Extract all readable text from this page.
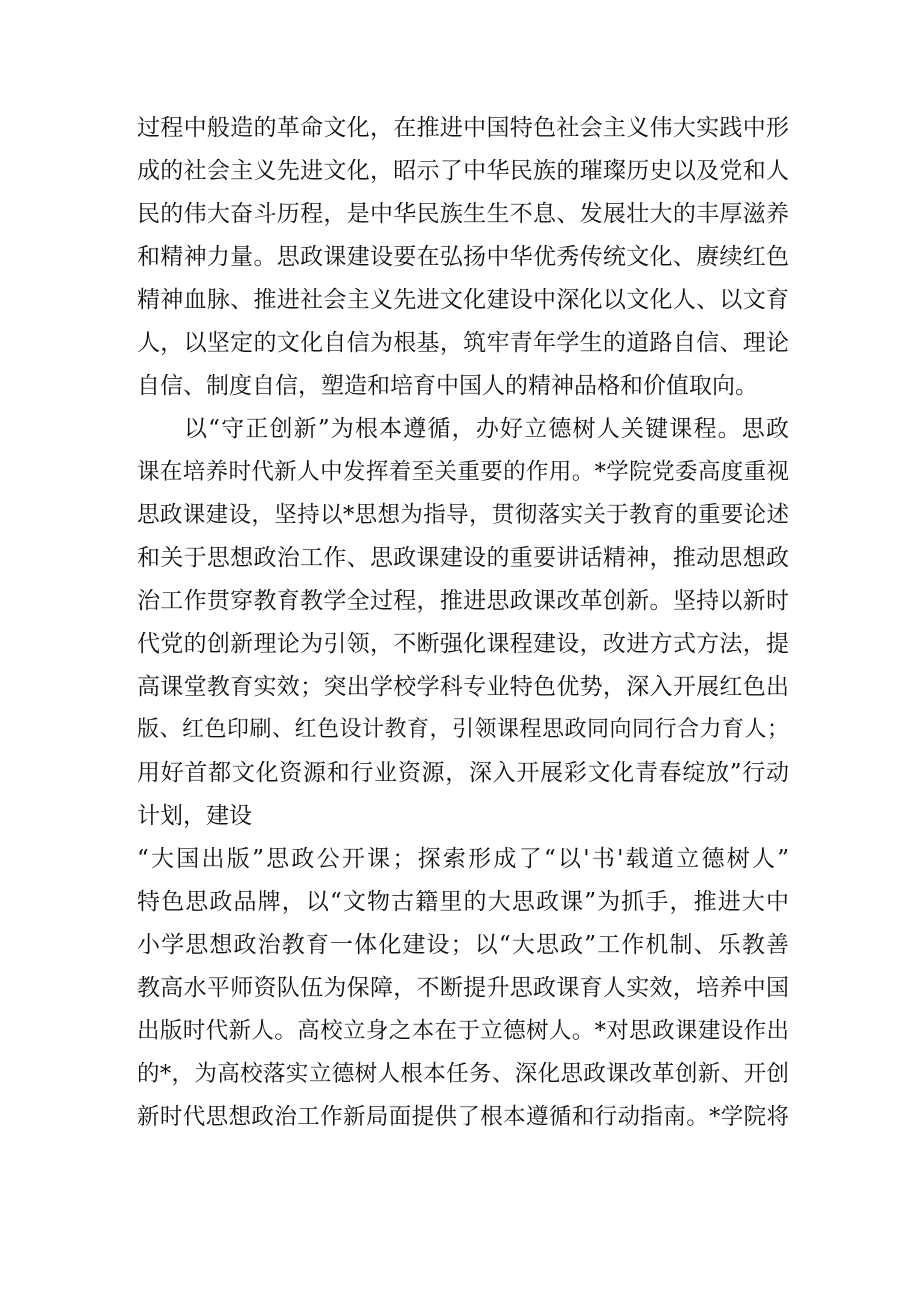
过程中般造的革命文化，在推进中国特色社会主义伟大实践中形
成的社会主义先进文化，昭示了中华民族的璀璨历史以及党和人
民的伟大奋斗历程，是中华民族生生不息、发展壮大的丰厚滋养
和精神力量。思政课建设要在弘扬中华优秀传统文化、赓续红色
精神血脉、推进社会主义先进文化建设中深化以文化人、以文育
人，以坚定的文化自信为根基，筑牢青年学生的道路自信、理论
自信、制度自信，塑造和培育中国人的精神品格和价值取向。
以“守正创新”为根本遵循，办好立德树人关键课程。思政
课在培养时代新人中发挥着至关重要的作用。*学院党委高度重视
思政课建设，坚持以*思想为指导，贯彻落实关于教育的重要论述
和关于思想政治工作、思政课建设的重要讲话精神，推动思想政
治工作贯穿教育教学全过程，推进思政课改革创新。坚持以新时
代党的创新理论为引领，不断强化课程建设，改进方式方法，提
高课堂教育实效；突出学校学科专业特色优势，深入开展红色出
版、红色印刷、红色设计教育，引领课程思政同向同行合力育人；
用好首都文化资源和行业资源，深入开展彩文化青春绽放”行动
计划，建设
“大国出版”思政公开课；探索形成了“以'书'载道立德树人”
特色思政品牌，以“文物古籍里的大思政课”为抓手，推进大中
小学思想政治教育一体化建设；以“大思政”工作机制、乐教善
教高水平师资队伍为保障，不断提升思政课育人实效，培养中国
出版时代新人。高校立身之本在于立德树人。*对思政课建设作出
的*，为高校落实立德树人根本任务、深化思政课改革创新、开创
新时代思想政治工作新局面提供了根本遵循和行动指南。*学院将
